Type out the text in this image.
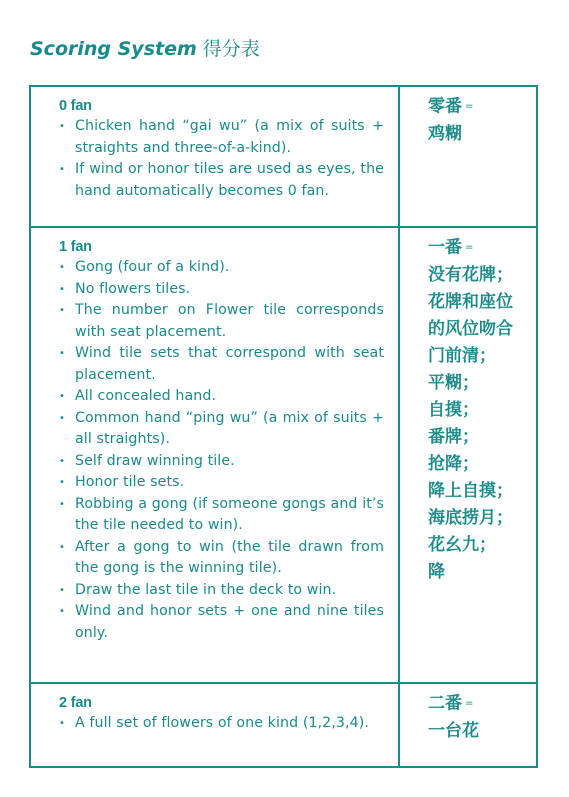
Scoring System 得分表
0 fan
• Chicken hand “gai wu” (a mix of suits + straights and three-of-a-kind).
• If wind or honor tiles are used as eyes, the hand automatically becomes 0 fan.
零番 =
鸡糊
1 fan
• Gong (four of a kind).
• No flowers tiles.
• The number on Flower tile corresponds with seat placement.
• Wind tile sets that correspond with seat placement.
• All concealed hand.
• Common hand “ping wu” (a mix of suits + all straights).
• Self draw winning tile.
• Honor tile sets.
• Robbing a gong (if someone gongs and it’s the tile needed to win).
• After a gong to win (the tile drawn from the gong is the winning tile).
• Draw the last tile in the deck to win.
• Wind and honor sets + one and nine tiles only.
一番 =
没有花牌；
花牌和座位
的风位吻合
门前清；
平糊；
自摸；
番牌；
抢降；
降上自摸；
海底捞月；
花幺九；
降
2 fan
• A full set of flowers of one kind (1,2,3,4).
二番 =
一台花
